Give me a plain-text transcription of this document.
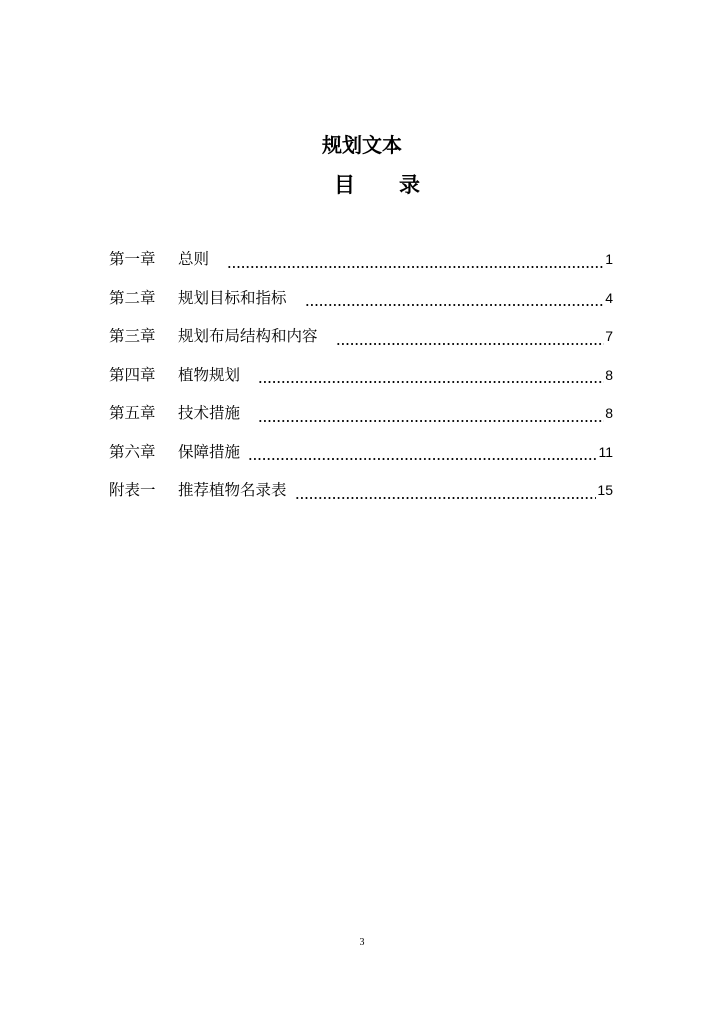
规划文本
目 录
第一章	总则	1
第二章	规划目标和指标	4
第三章	规划布局结构和内容	7
第四章	植物规划	8
第五章	技术措施	8
第六章	保障措施	11
附表一	推荐植物名录表	15
3
